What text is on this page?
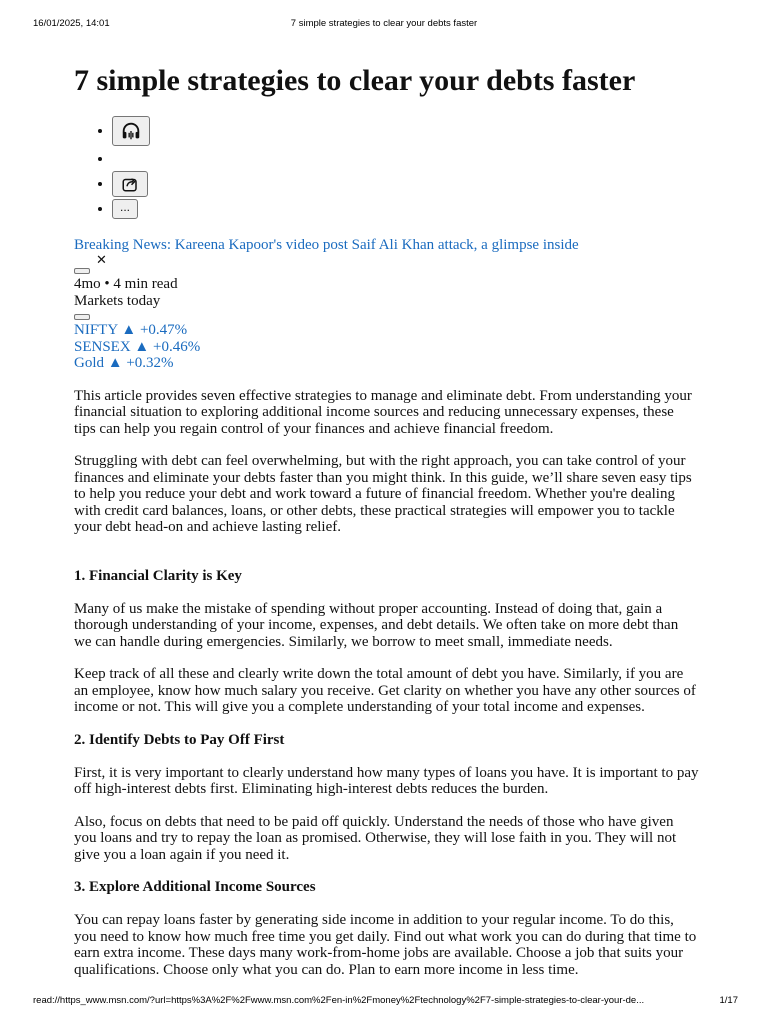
16/01/2025, 14:01	7 simple strategies to clear your debts faster
7 simple strategies to clear your debts faster
•
•
•
• ...
Breaking News: Kareena Kapoor's video post Saif Ali Khan attack, a glimpse inside
✕
4mo • 4 min read
Markets today
NIFTY ▲ +0.47%
SENSEX ▲ +0.46%
Gold ▲ +0.32%

This article provides seven effective strategies to manage and eliminate debt. From understanding your financial situation to exploring additional income sources and reducing unnecessary expenses, these tips can help you regain control of your finances and achieve financial freedom.

Struggling with debt can feel overwhelming, but with the right approach, you can take control of your finances and eliminate your debts faster than you might think. In this guide, we’ll share seven easy tips to help you reduce your debt and work toward a future of financial freedom. Whether you're dealing with credit card balances, loans, or other debts, these practical strategies will empower you to tackle your debt head-on and achieve lasting relief.

1. Financial Clarity is Key

Many of us make the mistake of spending without proper accounting. Instead of doing that, gain a thorough understanding of your income, expenses, and debt details. We often take on more debt than we can handle during emergencies. Similarly, we borrow to meet small, immediate needs.

Keep track of all these and clearly write down the total amount of debt you have. Similarly, if you are an employee, know how much salary you receive. Get clarity on whether you have any other sources of income or not. This will give you a complete understanding of your total income and expenses.

2. Identify Debts to Pay Off First

First, it is very important to clearly understand how many types of loans you have. It is important to pay off high-interest debts first. Eliminating high-interest debts reduces the burden.

Also, focus on debts that need to be paid off quickly. Understand the needs of those who have given you loans and try to repay the loan as promised. Otherwise, they will lose faith in you. They will not give you a loan again if you need it.

3. Explore Additional Income Sources

You can repay loans faster by generating side income in addition to your regular income. To do this, you need to know how much free time you get daily. Find out what work you can do during that time to earn extra income. These days many work-from-home jobs are available. Choose a job that suits your qualifications. Choose only what you can do. Plan to earn more income in less time.

read://https_www.msn.com/?url=https%3A%2F%2Fwww.msn.com%2Fen-in%2Fmoney%2Ftechnology%2F7-simple-strategies-to-clear-your-de...	1/17
